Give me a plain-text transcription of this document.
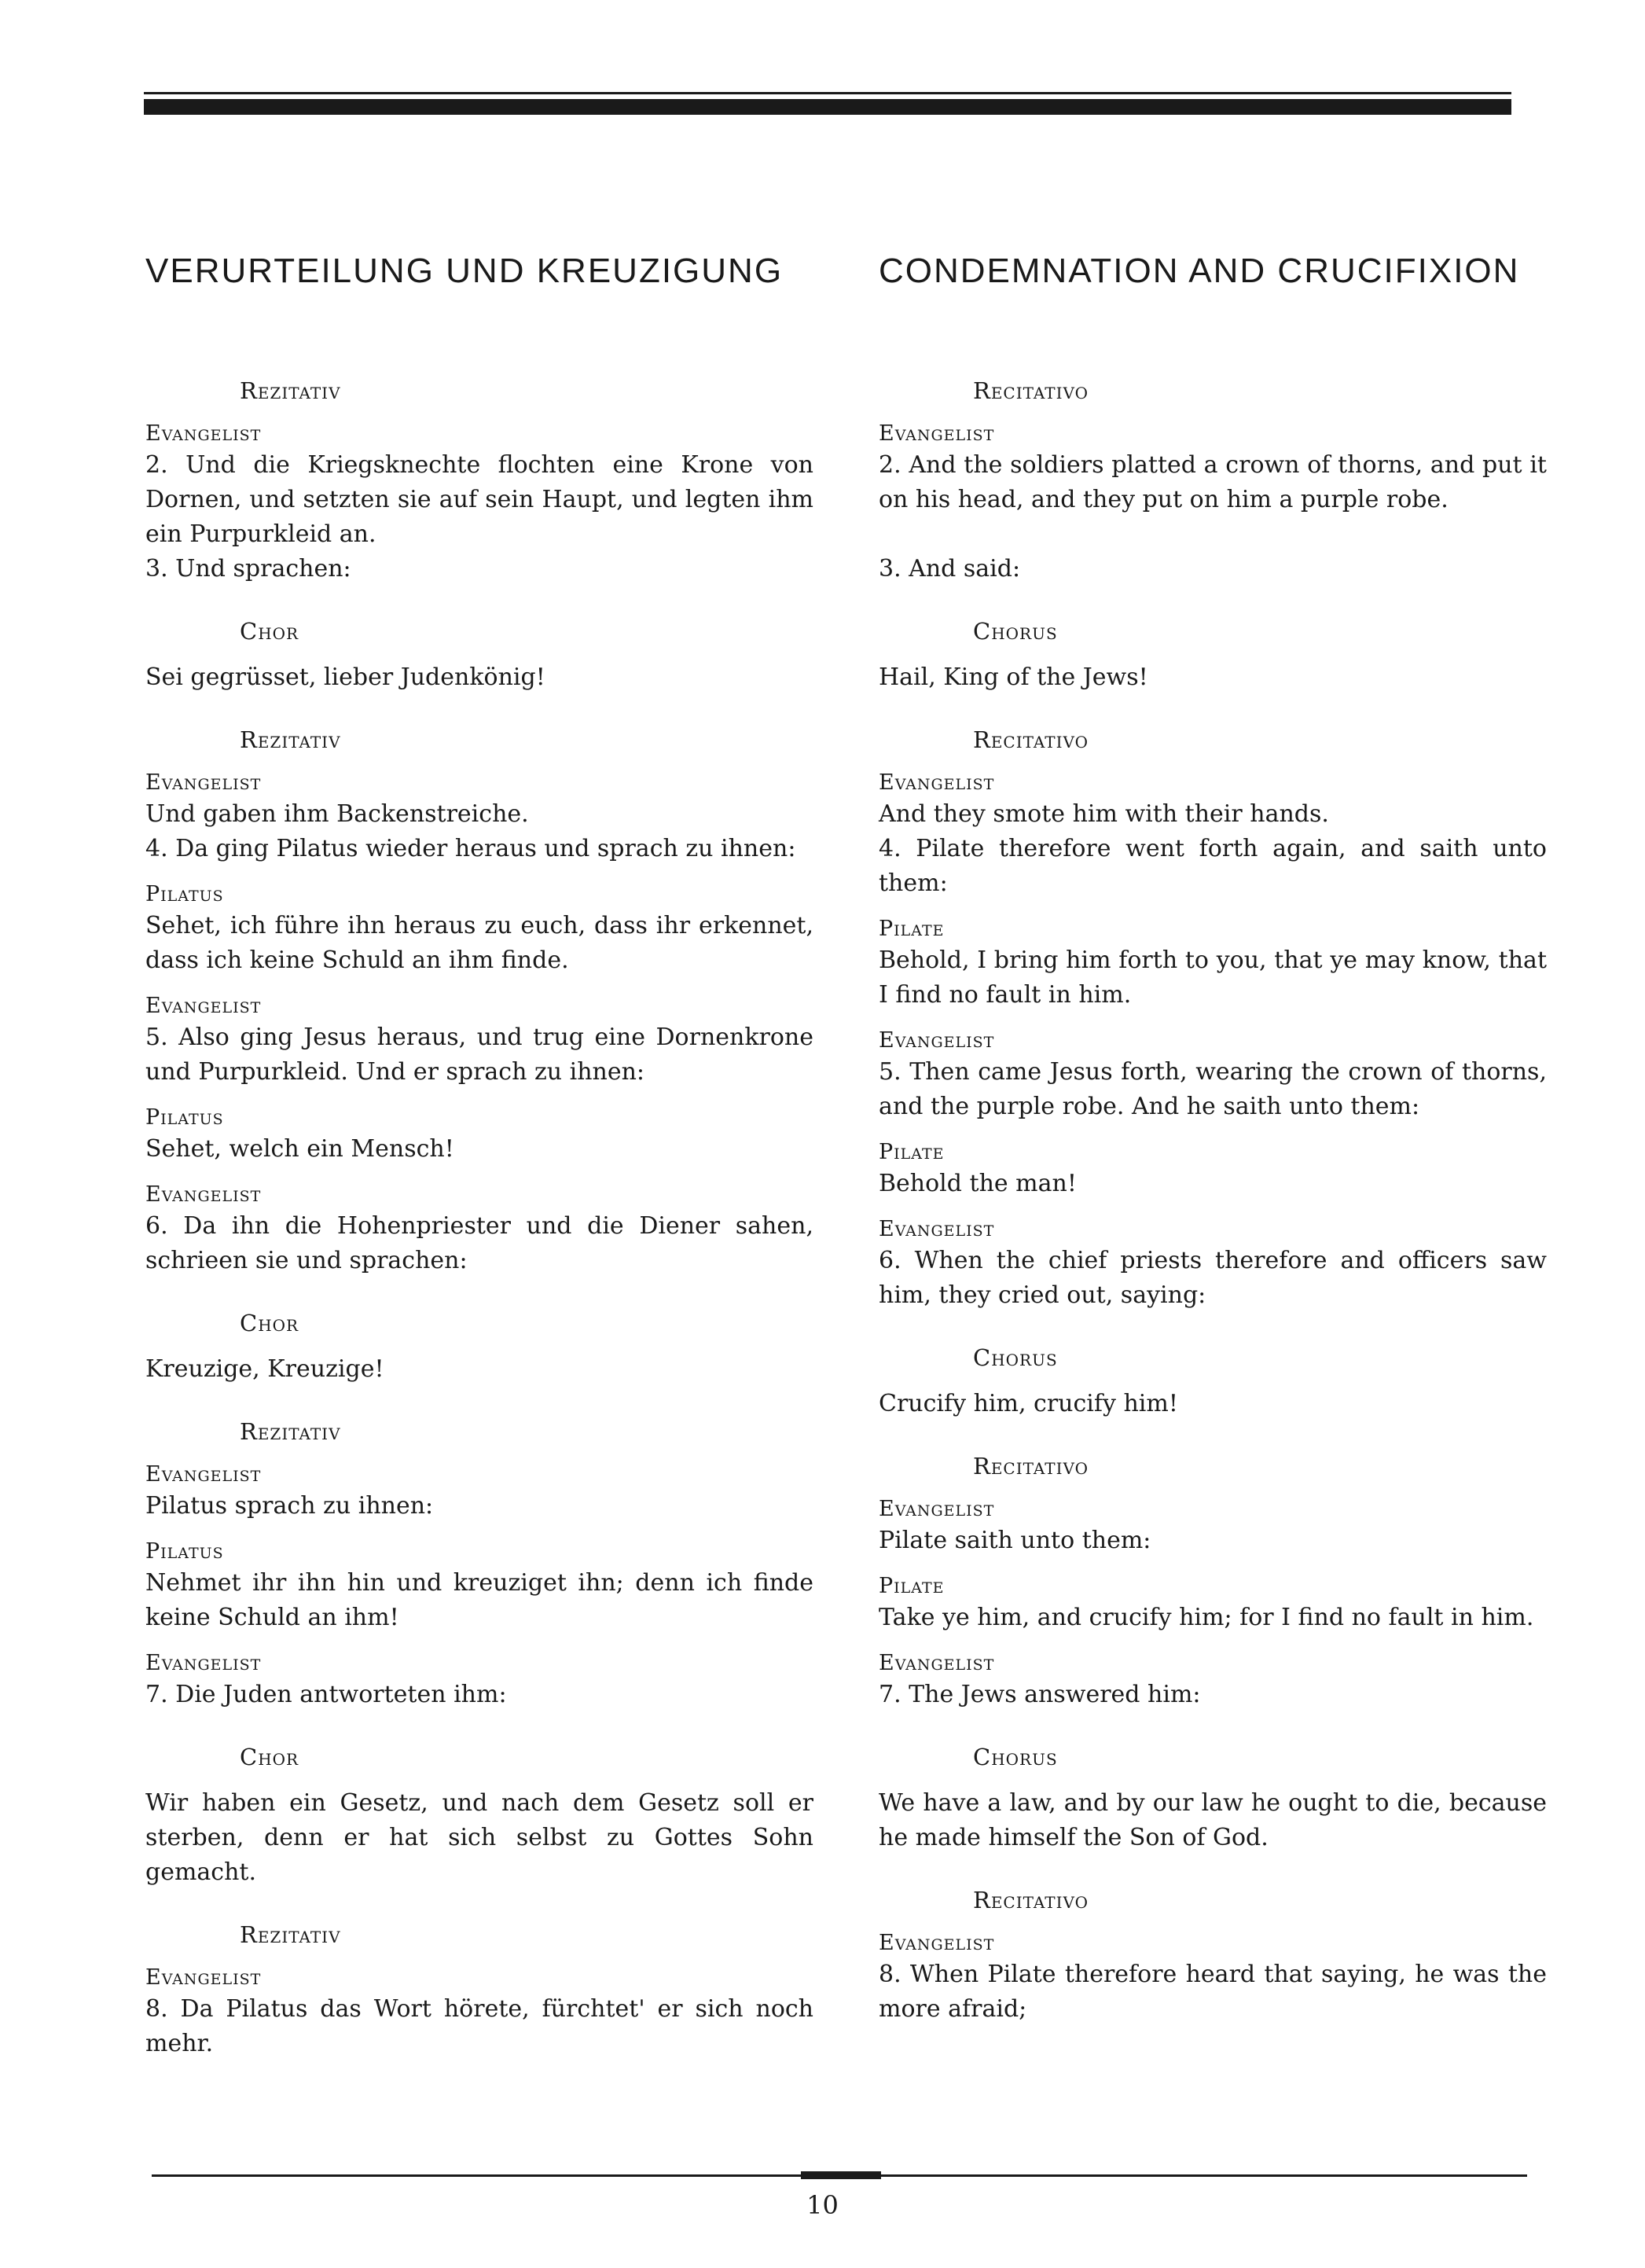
VERURTEILUNG UND KREUZIGUNG
Rezitativ
Evangelist
2. Und die Kriegsknechte flochten eine Krone von Dornen, und setzten sie auf sein Haupt, und legten ihm ein Purpurkleid an.
3. Und sprachen:
Chor
Sei gegrüsset, lieber Judenkönig!
Rezitativ
Evangelist
Und gaben ihm Backenstreiche.
4. Da ging Pilatus wieder heraus und sprach zu ihnen:
Pilatus
Sehet, ich führe ihn heraus zu euch, dass ihr erkennet, dass ich keine Schuld an ihm finde.
Evangelist
5. Also ging Jesus heraus, und trug eine Dornenkrone und Purpurkleid. Und er sprach zu ihnen:
Pilatus
Sehet, welch ein Mensch!
Evangelist
6. Da ihn die Hohenpriester und die Diener sahen, schrieen sie und sprachen:
Chor
Kreuzige, Kreuzige!
Rezitativ
Evangelist
Pilatus sprach zu ihnen:
Pilatus
Nehmet ihr ihn hin und kreuziget ihn; denn ich finde keine Schuld an ihm!
Evangelist
7. Die Juden antworteten ihm:
Chor
Wir haben ein Gesetz, und nach dem Gesetz soll er sterben, denn er hat sich selbst zu Gottes Sohn gemacht.
Rezitativ
Evangelist
8. Da Pilatus das Wort hörete, fürchtet' er sich noch mehr.
CONDEMNATION AND CRUCIFIXION
Recitativo
Evangelist
2. And the soldiers platted a crown of thorns, and put it on his head, and they put on him a purple robe.

3. And said:
Chorus
Hail, King of the Jews!
Recitativo
Evangelist
And they smote him with their hands.
4. Pilate therefore went forth again, and saith unto them:
Pilate
Behold, I bring him forth to you, that ye may know, that I find no fault in him.
Evangelist
5. Then came Jesus forth, wearing the crown of thorns, and the purple robe. And he saith unto them:
Pilate
Behold the man!
Evangelist
6. When the chief priests therefore and officers saw him, they cried out, saying:
Chorus
Crucify him, crucify him!
Recitativo
Evangelist
Pilate saith unto them:
Pilate
Take ye him, and crucify him; for I find no fault in him.
Evangelist
7. The Jews answered him:
Chorus
We have a law, and by our law he ought to die, because he made himself the Son of God.
Recitativo
Evangelist
8. When Pilate therefore heard that saying, he was the more afraid;
10
